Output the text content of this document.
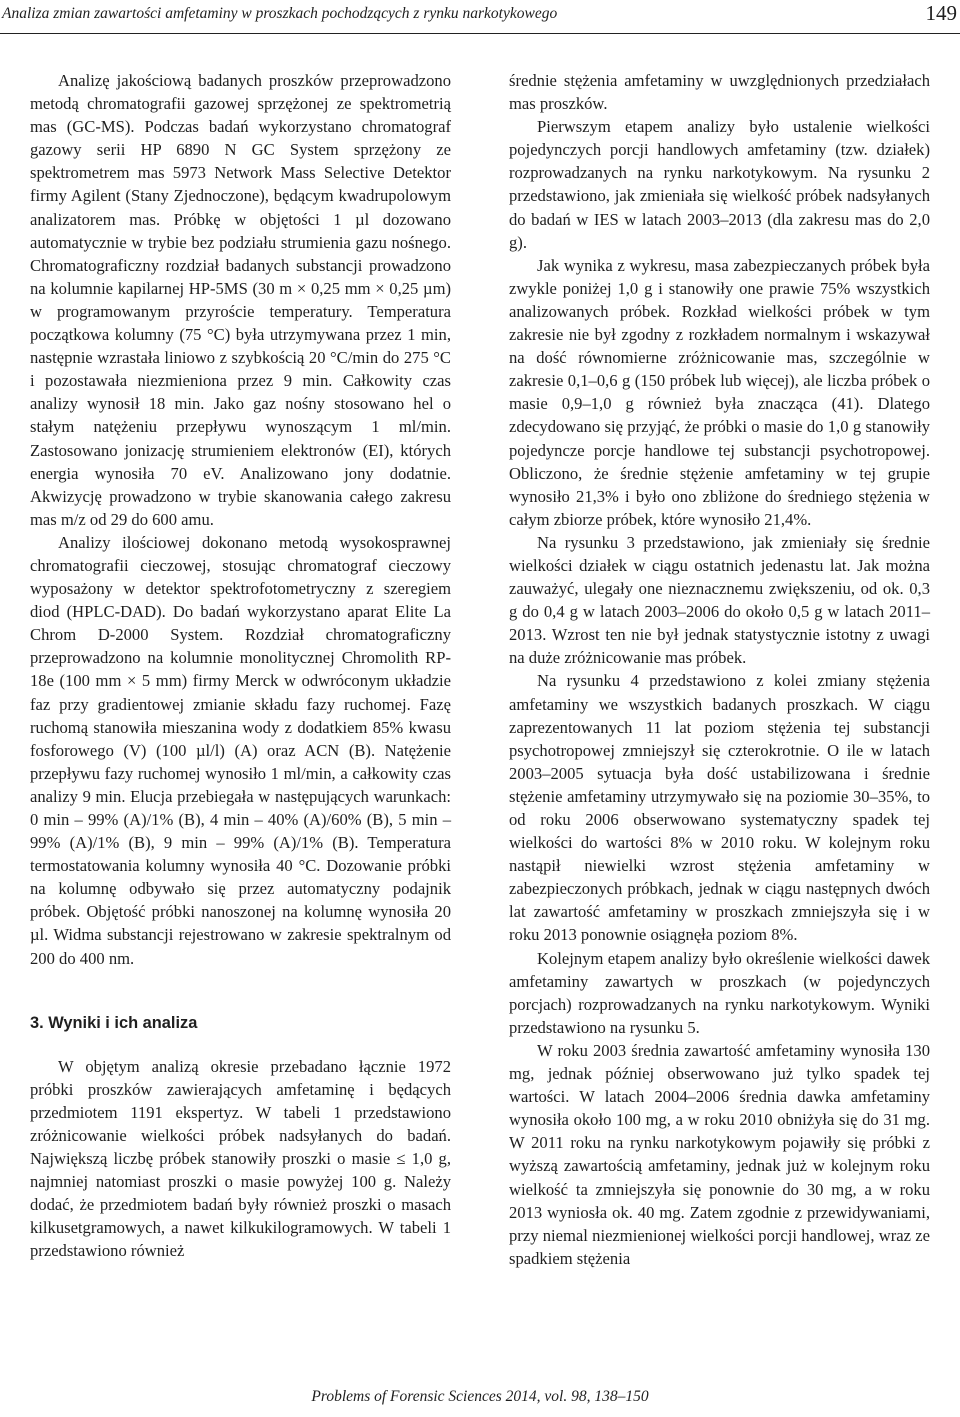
Analiza zmian zawartości amfetaminy w proszkach pochodzących z rynku narkotykowego	149

Analizę jakościową badanych proszków przeprowadzono metodą chromatografii gazowej sprzężonej ze spektrometrią mas (GC-MS). Podczas badań wykorzystano chromatograf gazowy serii HP 6890 N GC System sprzężony ze spektrometrem mas 5973 Network Mass Selective Detektor firmy Agilent (Stany Zjednoczone), będącym kwadrupolowym analizatorem mas. Próbkę w objętości 1 µl dozowano automatycznie w trybie bez podziału strumienia gazu nośnego. Chromatograficzny rozdział badanych substancji prowadzono na kolumnie kapilarnej HP-5MS (30 m × 0,25 mm × 0,25 µm) w programowanym przyroście temperatury. Temperatura początkowa kolumny (75 °C) była utrzymywana przez 1 min, następnie wzrastała liniowo z szybkością 20 °C/min do 275 °C i pozostawała niezmieniona przez 9 min. Całkowity czas analizy wynosił 18 min. Jako gaz nośny stosowano hel o stałym natężeniu przepływu wynoszącym 1 ml/min. Zastosowano jonizację strumieniem elektronów (EI), których energia wynosiła 70 eV. Analizowano jony dodatnie. Akwizycję prowadzono w trybie skanowania całego zakresu mas m/z od 29 do 600 amu.

Analizy ilościowej dokonano metodą wysokosprawnej chromatografii cieczowej, stosując chromatograf cieczowy wyposażony w detektor spektrofotometryczny z szeregiem diod (HPLC-DAD). Do badań wykorzystano aparat Elite La Chrom D-2000 System. Rozdział chromatograficzny przeprowadzono na kolumnie monolitycznej Chromolith RP-18e (100 mm × 5 mm) firmy Merck w odwróconym układzie faz przy gradientowej zmianie składu fazy ruchomej. Fazę ruchomą stanowiła mieszanina wody z dodatkiem 85% kwasu fosforowego (V) (100 µl/l) (A) oraz ACN (B). Natężenie przepływu fazy ruchomej wynosiło 1 ml/min, a całkowity czas analizy 9 min. Elucja przebiegała w następujących warunkach: 0 min – 99% (A)/1% (B), 4 min – 40% (A)/60% (B), 5 min – 99% (A)/1% (B), 9 min – 99% (A)/1% (B). Temperatura termostatowania kolumny wynosiła 40 °C. Dozowanie próbki na kolumnę odbywało się przez automatyczny podajnik próbek. Objętość próbki nanoszonej na kolumnę wynosiła 20 µl. Widma substancji rejestrowano w zakresie spektralnym od 200 do 400 nm.

3. Wyniki i ich analiza

W objętym analizą okresie przebadano łącznie 1972 próbki proszków zawierających amfetaminę i będących przedmiotem 1191 ekspertyz. W tabeli 1 przedstawiono zróżnicowanie wielkości próbek nadsyłanych do badań. Największą liczbę próbek stanowiły proszki o masie ≤ 1,0 g, najmniej natomiast proszki o masie powyżej 100 g. Należy dodać, że przedmiotem badań były również proszki o masach kilkusetgramowych, a nawet kilkukilogramowych. W tabeli 1 przedstawiono również

średnie stężenia amfetaminy w uwzględnionych przedziałach mas proszków.

Pierwszym etapem analizy było ustalenie wielkości pojedynczych porcji handlowych amfetaminy (tzw. działek) rozprowadzanych na rynku narkotykowym. Na rysunku 2 przedstawiono, jak zmieniała się wielkość próbek nadsyłanych do badań w IES w latach 2003–2013 (dla zakresu mas do 2,0 g).

Jak wynika z wykresu, masa zabezpieczanych próbek była zwykle poniżej 1,0 g i stanowiły one prawie 75% wszystkich analizowanych próbek. Rozkład wielkości próbek w tym zakresie nie był zgodny z rozkładem normalnym i wskazywał na dość równomierne zróżnicowanie mas, szczególnie w zakresie 0,1–0,6 g (150 próbek lub więcej), ale liczba próbek o masie 0,9–1,0 g również była znacząca (41). Dlatego zdecydowano się przyjąć, że próbki o masie do 1,0 g stanowiły pojedyncze porcje handlowe tej substancji psychotropowej. Obliczono, że średnie stężenie amfetaminy w tej grupie wynosiło 21,3% i było ono zbliżone do średniego stężenia w całym zbiorze próbek, które wynosiło 21,4%.

Na rysunku 3 przedstawiono, jak zmieniały się średnie wielkości działek w ciągu ostatnich jedenastu lat. Jak można zauważyć, ulegały one nieznacznemu zwiększeniu, od ok. 0,3 g do 0,4 g w latach 2003–2006 do około 0,5 g w latach 2011–2013. Wzrost ten nie był jednak statystycznie istotny z uwagi na duże zróżnicowanie mas próbek.

Na rysunku 4 przedstawiono z kolei zmiany stężenia amfetaminy we wszystkich badanych proszkach. W ciągu zaprezentowanych 11 lat poziom stężenia tej substancji psychotropowej zmniejszył się czterokrotnie. O ile w latach 2003–2005 sytuacja była dość ustabilizowana i średnie stężenie amfetaminy utrzymywało się na poziomie 30–35%, to od roku 2006 obserwowano systematyczny spadek tej wielkości do wartości 8% w 2010 roku. W kolejnym roku nastąpił niewielki wzrost stężenia amfetaminy w zabezpieczonych próbkach, jednak w ciągu następnych dwóch lat zawartość amfetaminy w proszkach zmniejszyła się i w roku 2013 ponownie osiągnęła poziom 8%.

Kolejnym etapem analizy było określenie wielkości dawek amfetaminy zawartych w proszkach (w pojedynczych porcjach) rozprowadzanych na rynku narkotykowym. Wyniki przedstawiono na rysunku 5.

W roku 2003 średnia zawartość amfetaminy wynosiła 130 mg, jednak później obserwowano już tylko spadek tej wartości. W latach 2004–2006 średnia dawka amfetaminy wynosiła około 100 mg, a w roku 2010 obniżyła się do 31 mg. W 2011 roku na rynku narkotykowym pojawiły się próbki z wyższą zawartością amfetaminy, jednak już w kolejnym roku wielkość ta zmniejszyła się ponownie do 30 mg, a w roku 2013 wyniosła ok. 40 mg. Zatem zgodnie z przewidywaniami, przy niemal niezmienionej wielkości porcji handlowej, wraz ze spadkiem stężenia

Problems of Forensic Sciences 2014, vol. 98, 138–150
